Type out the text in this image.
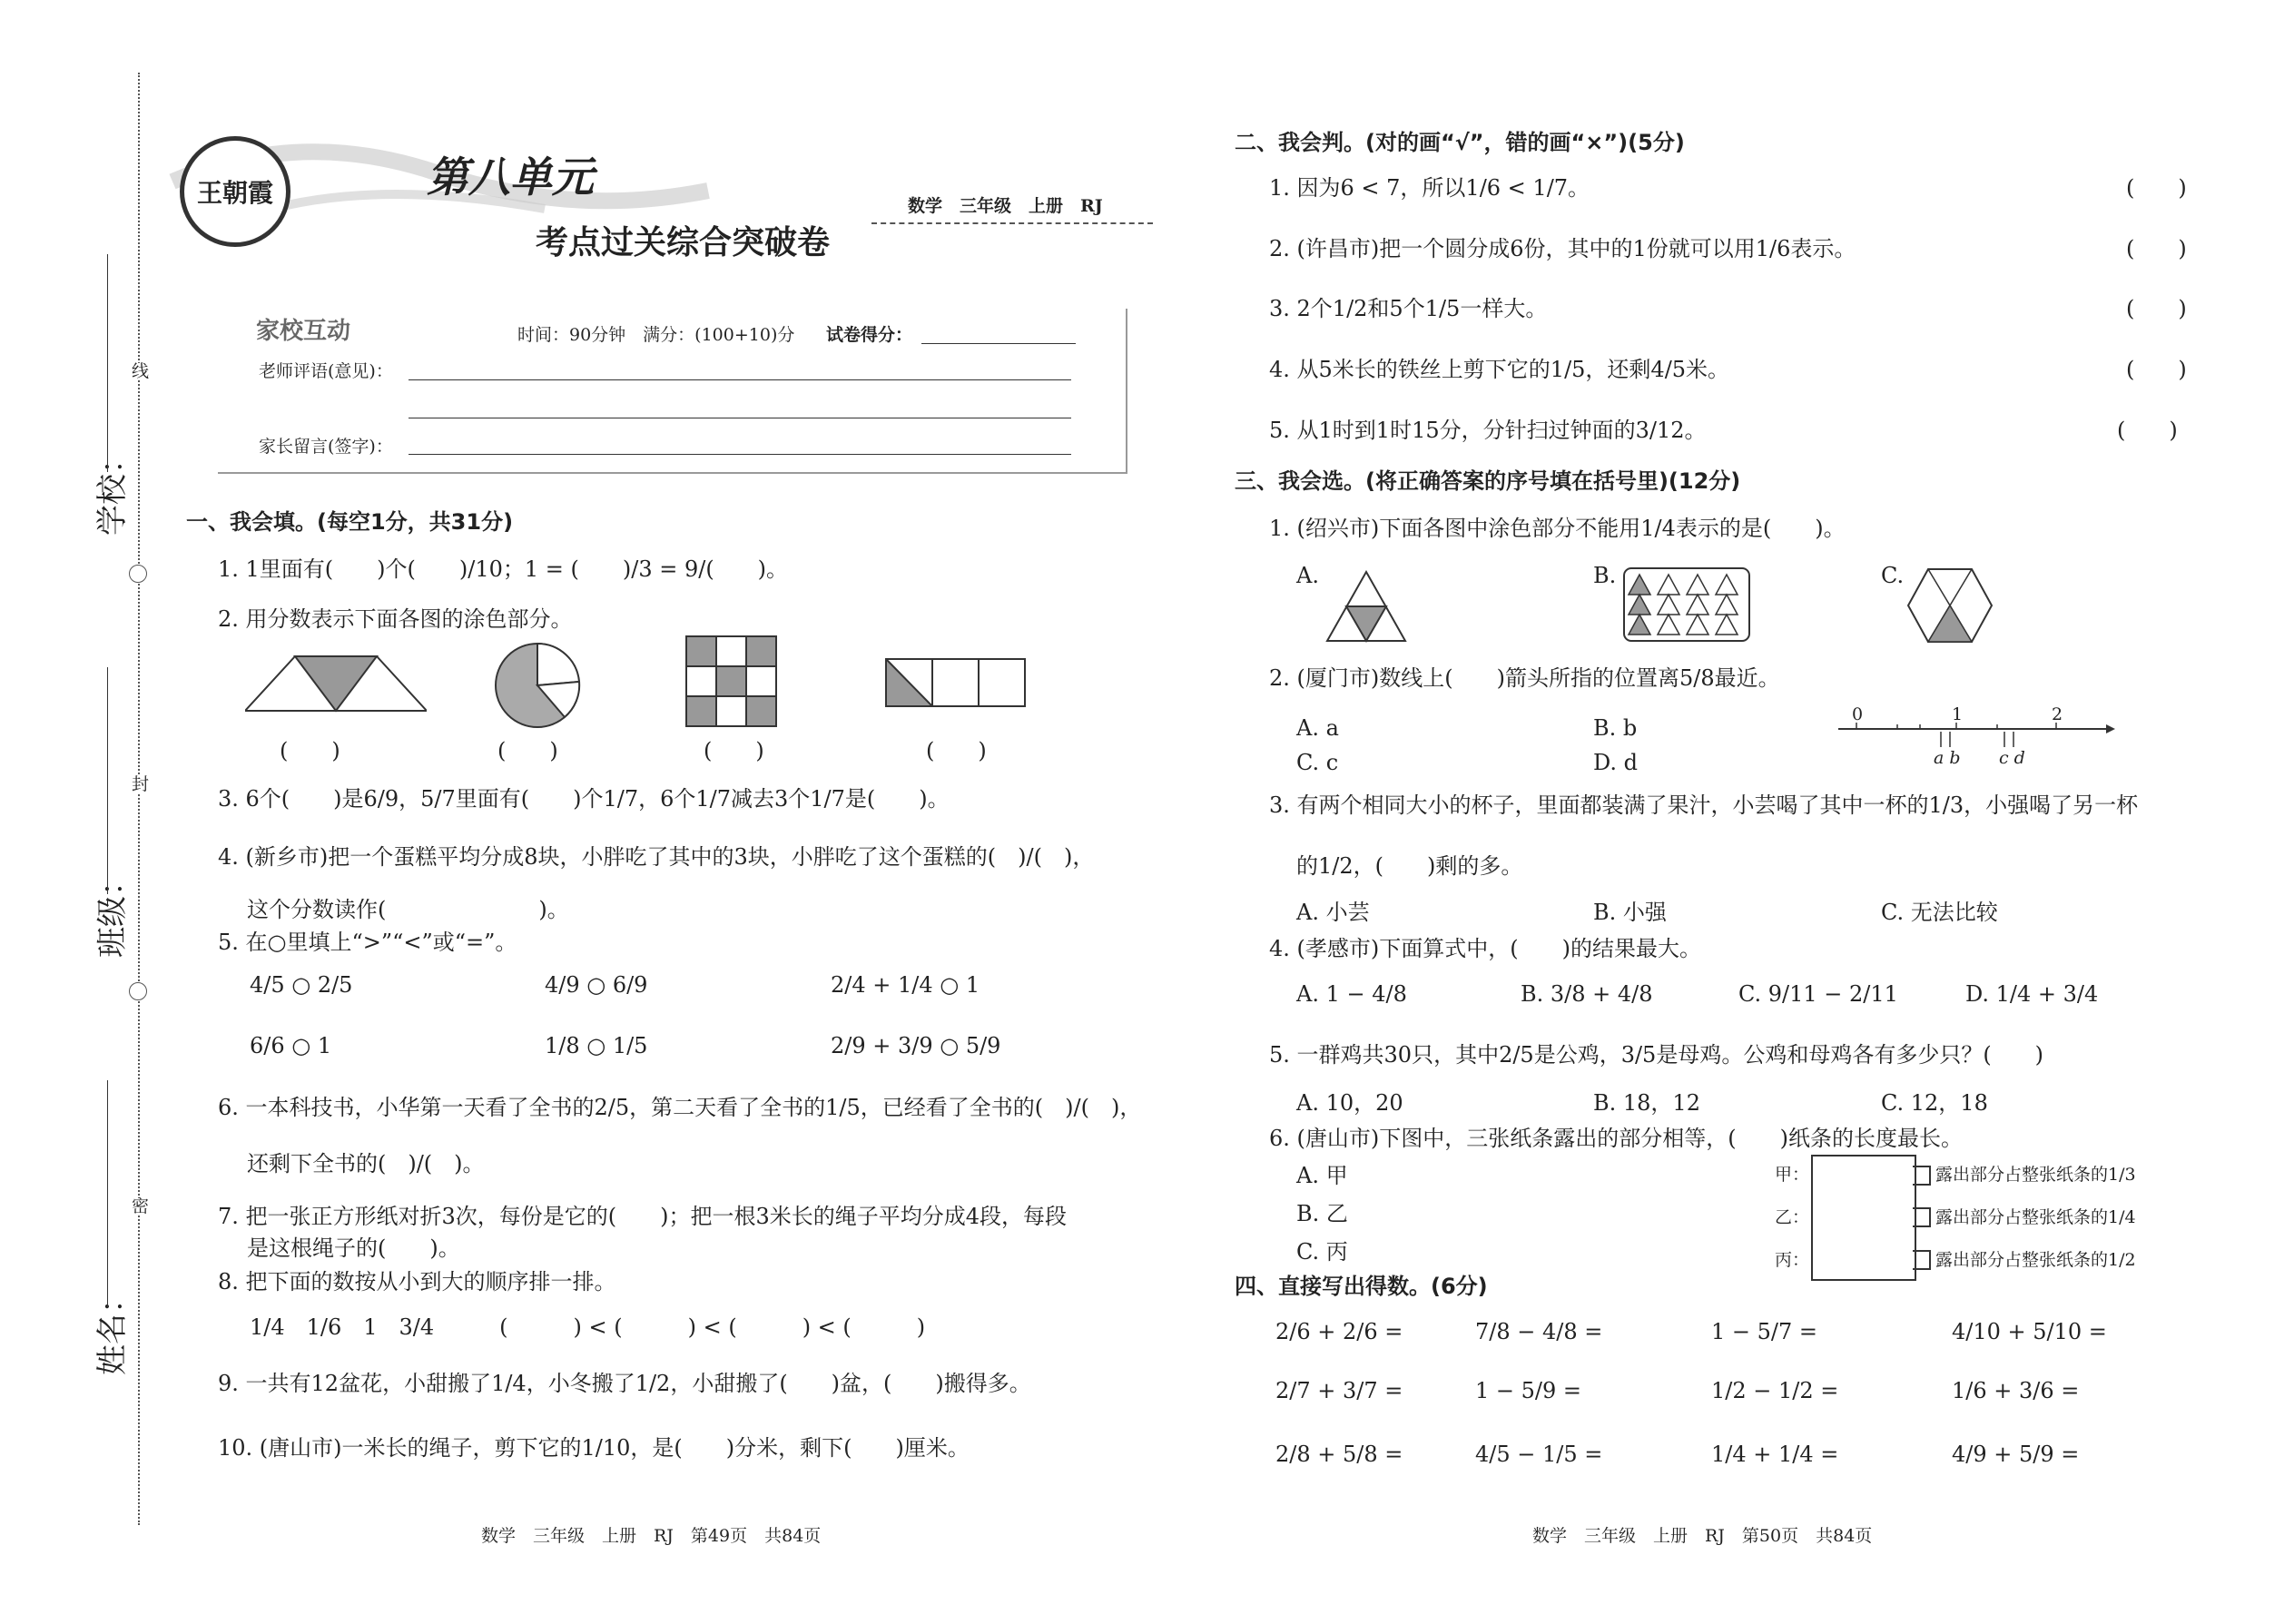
线
封
密
学校：
班级：
姓名：
王朝霞	第八单元
考点过关综合突破卷
数学　三年级　上册　RJ
家校互动	时间：90分钟　满分：(100+10)分 试卷得分：
老师评语(意见)：
家长留言(签字)：
一、我会填。(每空1分，共31分)
1. 1里面有(　　)个(　　)/10；1 = (　　)/3 = 9/(　　)。
2. 用分数表示下面各图的涂色部分。
(　　)	(　　)	(　　)	(　　)
3. 6个(　　)是6/9，5/7里面有(　　)个1/7，6个1/7减去3个1/7是(　　)。
4. (新乡市)把一个蛋糕平均分成8块，小胖吃了其中的3块，小胖吃了这个蛋糕的(　)/(　)，
这个分数读作(　　　　　　　)。
5. 在○里填上“>”“<”或“=”。
4/5 ○ 2/5	4/9 ○ 6/9	2/4 + 1/4 ○ 1
6/6 ○ 1	1/8 ○ 1/5	2/9 + 3/9 ○ 5/9
6. 一本科技书，小华第一天看了全书的2/5，第二天看了全书的1/5，已经看了全书的(　)/(　)，
还剩下全书的(　)/(　)。
7. 把一张正方形纸对折3次，每份是它的(　　)；把一根3米长的绳子平均分成4段，每段
是这根绳子的(　　)。
8. 把下面的数按从小到大的顺序排一排。
1/4　1/6　1　3/4　　　(　　　) < (　　　) < (　　　) < (　　　)
9. 一共有12盆花，小甜搬了1/4，小冬搬了1/2，小甜搬了(　　)盆，(　　)搬得多。
10. (唐山市)一米长的绳子，剪下它的1/10，是(　　)分米，剩下(　　)厘米。
数学　三年级　上册　RJ　第49页　共84页
二、我会判。(对的画“√”，错的画“×”)(5分)
1. 因为6 < 7，所以1/6 < 1/7。	(　　)
2. (许昌市)把一个圆分成6份，其中的1份就可以用1/6表示。	(　　)
3. 2个1/2和5个1/5一样大。	(　　)
4. 从5米长的铁丝上剪下它的1/5，还剩4/5米。	(　　)
5. 从1时到1时15分，分针扫过钟面的3/12。	(　　)
三、我会选。(将正确答案的序号填在括号里)(12分)
1. (绍兴市)下面各图中涂色部分不能用1/4表示的是(　　)。
A.	B.	C.
2. (厦门市)数线上(　　)箭头所指的位置离5/8最近。
A. a	B. b
C. c	D. d
0	1	2
a b c d
3. 有两个相同大小的杯子，里面都装满了果汁，小芸喝了其中一杯的1/3，小强喝了另一杯
的1/2，(　　)剩的多。
A. 小芸	B. 小强	C. 无法比较
4. (孝感市)下面算式中，(　　)的结果最大。
A. 1 − 4/8	B. 3/8 + 4/8	C. 9/11 − 2/11	D. 1/4 + 3/4
5. 一群鸡共30只，其中2/5是公鸡，3/5是母鸡。公鸡和母鸡各有多少只？(　　)
A. 10，20	B. 18，12	C. 12，18
6. (唐山市)下图中，三张纸条露出的部分相等，(　　)纸条的长度最长。
A. 甲
B. 乙
C. 丙
甲：
乙：
丙：
露出部分占整张纸条的1/3
露出部分占整张纸条的1/4
露出部分占整张纸条的1/2
四、直接写出得数。(6分)
2/6 + 2/6 =	7/8 − 4/8 =	1 − 5/7 =	4/10 + 5/10 =
2/7 + 3/7 =	1 − 5/9 =	1/2 − 1/2 =	1/6 + 3/6 =
2/8 + 5/8 =	4/5 − 1/5 =	1/4 + 1/4 =	4/9 + 5/9 =
数学　三年级　上册　RJ　第50页　共84页
